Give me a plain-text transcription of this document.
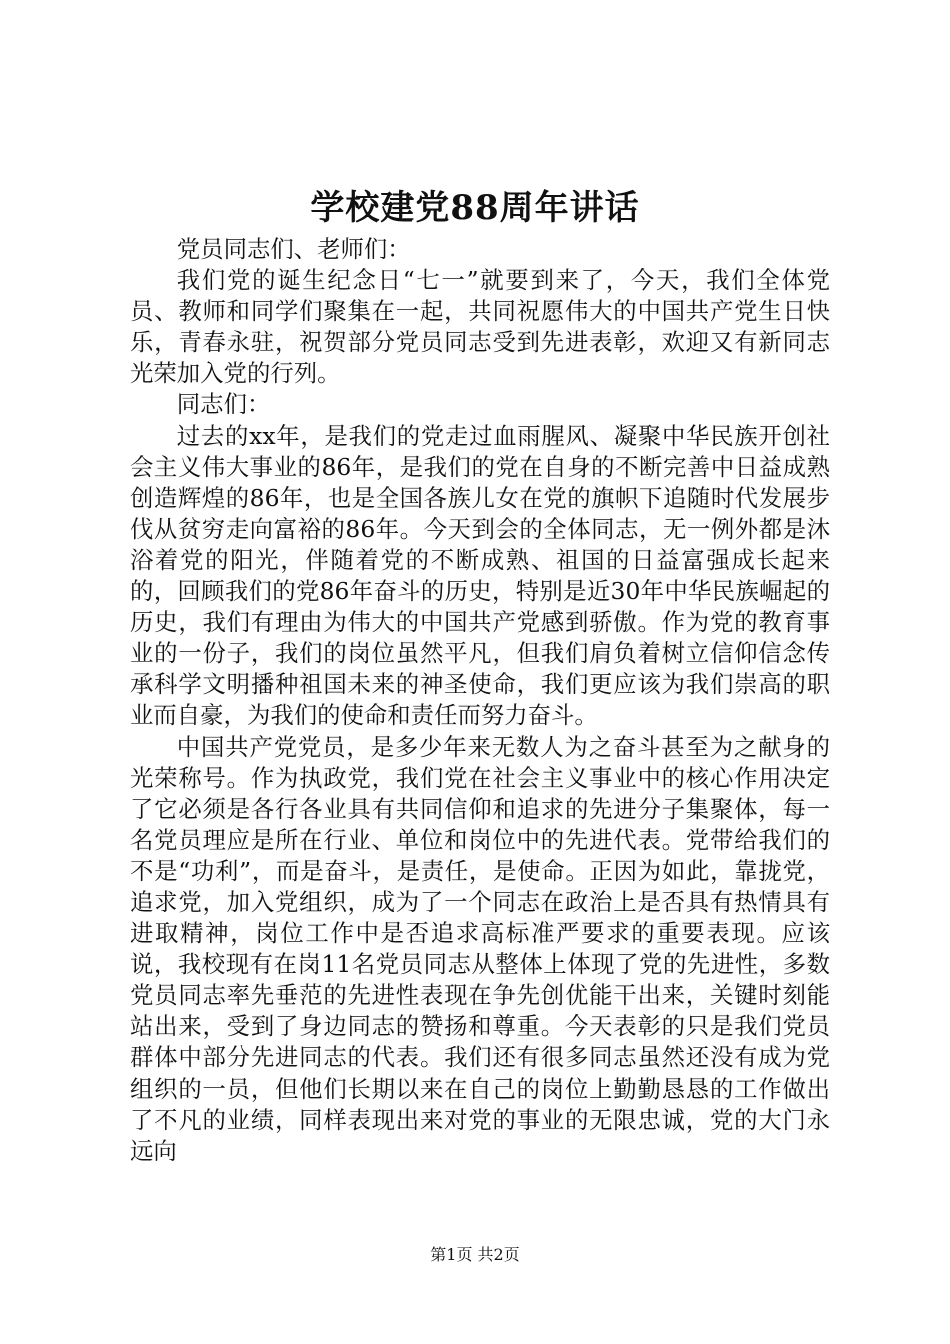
学校建党88周年讲话

党员同志们、老师们：

我们党的诞生纪念日“七一”就要到来了，今天，我们全体党员、教师和同学们聚集在一起，共同祝愿伟大的中国共产党生日快乐，青春永驻，祝贺部分党员同志受到先进表彰，欢迎又有新同志光荣加入党的行列。

同志们：

过去的xx年，是我们的党走过血雨腥风、凝聚中华民族开创社会主义伟大事业的86年，是我们的党在自身的不断完善中日益成熟创造辉煌的86年，也是全国各族儿女在党的旗帜下追随时代发展步伐从贫穷走向富裕的86年。今天到会的全体同志，无一例外都是沐浴着党的阳光，伴随着党的不断成熟、祖国的日益富强成长起来的，回顾我们的党86年奋斗的历史，特别是近30年中华民族崛起的历史，我们有理由为伟大的中国共产党感到骄傲。作为党的教育事业的一份子，我们的岗位虽然平凡，但我们肩负着树立信仰信念传承科学文明播种祖国未来的神圣使命，我们更应该为我们崇高的职业而自豪，为我们的使命和责任而努力奋斗。

中国共产党党员，是多少年来无数人为之奋斗甚至为之献身的光荣称号。作为执政党，我们党在社会主义事业中的核心作用决定了它必须是各行各业具有共同信仰和追求的先进分子集聚体，每一名党员理应是所在行业、单位和岗位中的先进代表。党带给我们的不是“功利”，而是奋斗，是责任，是使命。正因为如此，靠拢党，追求党，加入党组织，成为了一个同志在政治上是否具有热情具有进取精神，岗位工作中是否追求高标准严要求的重要表现。应该说，我校现有在岗11名党员同志从整体上体现了党的先进性，多数党员同志率先垂范的先进性表现在争先创优能干出来，关键时刻能站出来，受到了身边同志的赞扬和尊重。今天表彰的只是我们党员群体中部分先进同志的代表。我们还有很多同志虽然还没有成为党组织的一员，但他们长期以来在自己的岗位上勤勤恳恳的工作做出了不凡的业绩，同样表现出来对党的事业的无限忠诚，党的大门永远向

第1页 共2页
